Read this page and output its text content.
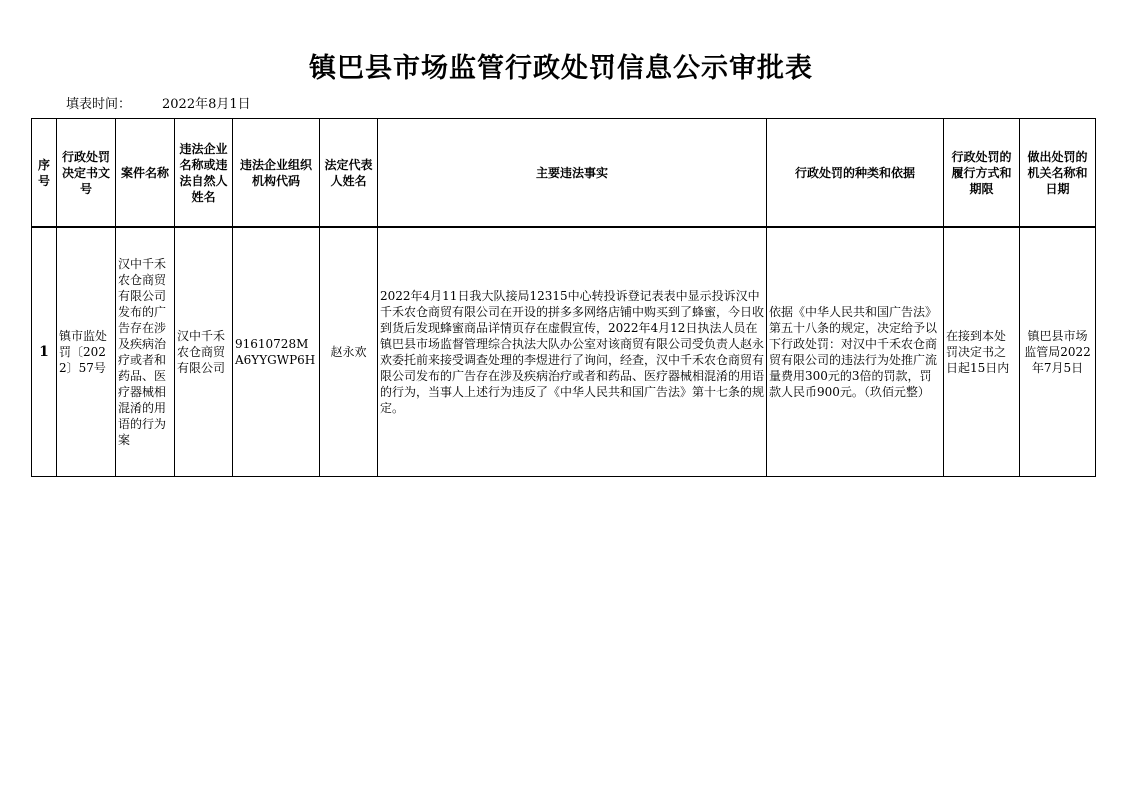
镇巴县市场监管行政处罚信息公示审批表
填表时间： 2022年8月1日
序号	行政处罚决定书文号	案件名称	违法企业名称或违法自然人姓名	违法企业组织机构代码	法定代表人姓名	主要违法事实	行政处罚的种类和依据	行政处罚的履行方式和期限	做出处罚的机关名称和日期
1	镇市监处罚〔2022〕57号	汉中千禾农仓商贸有限公司发布的广告存在涉及疾病治疗或者和药品、医疗器械相混淆的用语的行为案	汉中千禾农仓商贸有限公司	91610728MA6YYGWP6H	赵永欢	2022年4月11日我大队接局12315中心转投诉登记表表中显示投诉汉中千禾农仓商贸有限公司在开设的拼多多网络店铺中购买到了蜂蜜，今日收到货后发现蜂蜜商品详情页存在虚假宣传，2022年4月12日执法人员在镇巴县市场监督管理综合执法大队办公室对该商贸有限公司受负责人赵永欢委托前来接受调查处理的李煜进行了询问，经查，汉中千禾农仓商贸有限公司发布的广告存在涉及疾病治疗或者和药品、医疗器械相混淆的用语的行为，当事人上述行为违反了《中华人民共和国广告法》第十七条的规定。	依据《中华人民共和国广告法》第五十八条的规定，决定给予以下行政处罚：对汉中千禾农仓商贸有限公司的违法行为处推广流量费用300元的3倍的罚款，罚款人民币900元。（玖佰元整）	在接到本处罚决定书之日起15日内	镇巴县市场监管局2022年7月5日
